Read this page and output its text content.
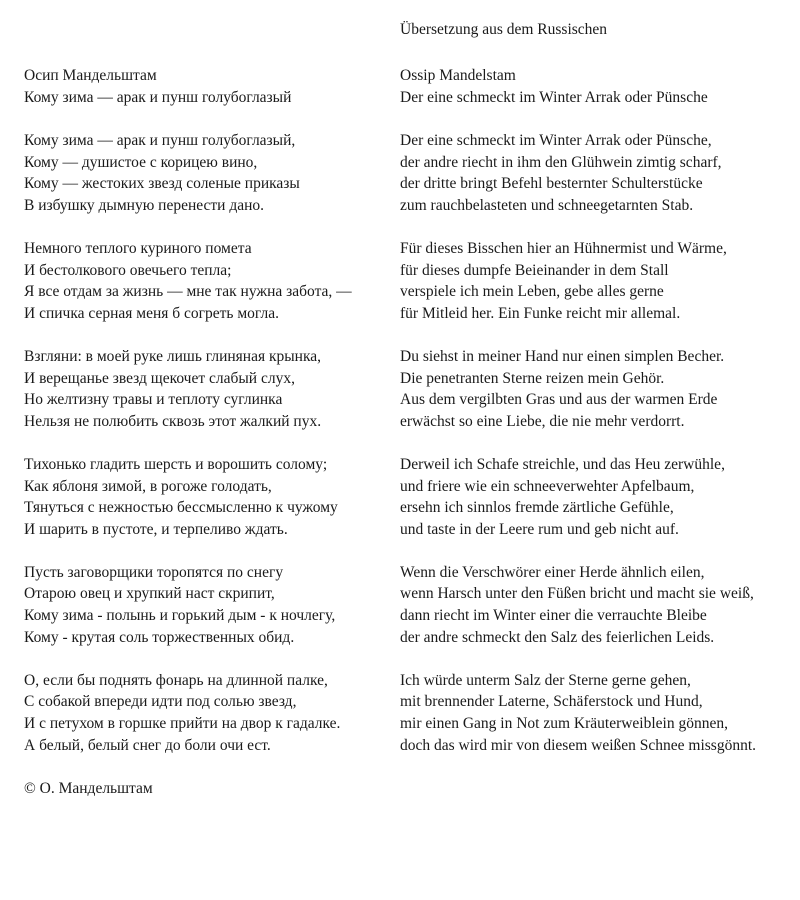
Осип Мандельштам
Кому зима — арак и пунш голубоглазый
Кому зима — арак и пунш голубоглазый,
Кому — душистое с корицею вино,
Кому — жестоких звезд соленые приказы
В избушку дымную перенести дано.
Немного теплого куриного помета
И бестолкового овечьего тепла;
Я все отдам за жизнь — мне так нужна забота, —
И спичка серная меня б согреть могла.
Взгляни: в моей руке лишь глиняная крынка,
И верещанье звезд щекочет слабый слух,
Но желтизну травы и теплоту суглинка
Нельзя не полюбить сквозь этот жалкий пух.
Тихонько гладить шерсть и ворошить солому;
Как яблоня зимой, в рогоже голодать,
Тянуться с нежностью бессмысленно к чужому
И шарить в пустоте, и терпеливо ждать.
Пусть заговорщики торопятся по снегу
Отарою овец и хрупкий наст скрипит,
Кому зима - полынь и горький дым - к ночлегу,
Кому - крутая соль торжественных обид.
О, если бы поднять фонарь на длинной палке,
С собакой впереди идти под солью звезд,
И с петухом в горшке прийти на двор к гадалке.
А белый, белый снег до боли очи ест.
© О. Мандельштам
Übersetzung aus dem Russischen
Ossip Mandelstam
Der eine schmeckt im Winter Arrak oder Pünsche
Der eine schmeckt im Winter Arrak oder Pünsche,
der andre riecht in ihm den Glühwein zimtig scharf,
der dritte bringt Befehl besternter Schulterstücke
zum rauchbelasteten und schneegetarnten Stab.
Für dieses Bisschen hier an Hühnermist und Wärme,
für dieses dumpfe Beieinander in dem Stall
verspiele ich mein Leben, gebe alles gerne
für Mitleid her. Ein Funke reicht mir allemal.
Du siehst in meiner Hand nur einen simplen Becher.
Die penetranten Sterne reizen mein Gehör.
Aus dem vergilbten Gras und aus der warmen Erde
erwächst so eine Liebe, die nie mehr verdorrt.
Derweil ich Schafe streichle, und das Heu zerwühle,
und friere wie ein schneeverwehter Apfelbaum,
ersehn ich sinnlos fremde zärtliche Gefühle,
und taste in der Leere rum und geb nicht auf.
Wenn die Verschwörer einer Herde ähnlich eilen,
wenn Harsch unter den Füßen bricht und macht sie weiß,
dann riecht im Winter einer die verrauchte Bleibe
der andre schmeckt den Salz des feierlichen Leids.
Ich würde unterm Salz der Sterne gerne gehen,
mit brennender Laterne, Schäferstock und Hund,
mir einen Gang in Not zum Kräuterweiblein gönnen,
doch das wird mir von diesem weißen Schnee missgönnt.
